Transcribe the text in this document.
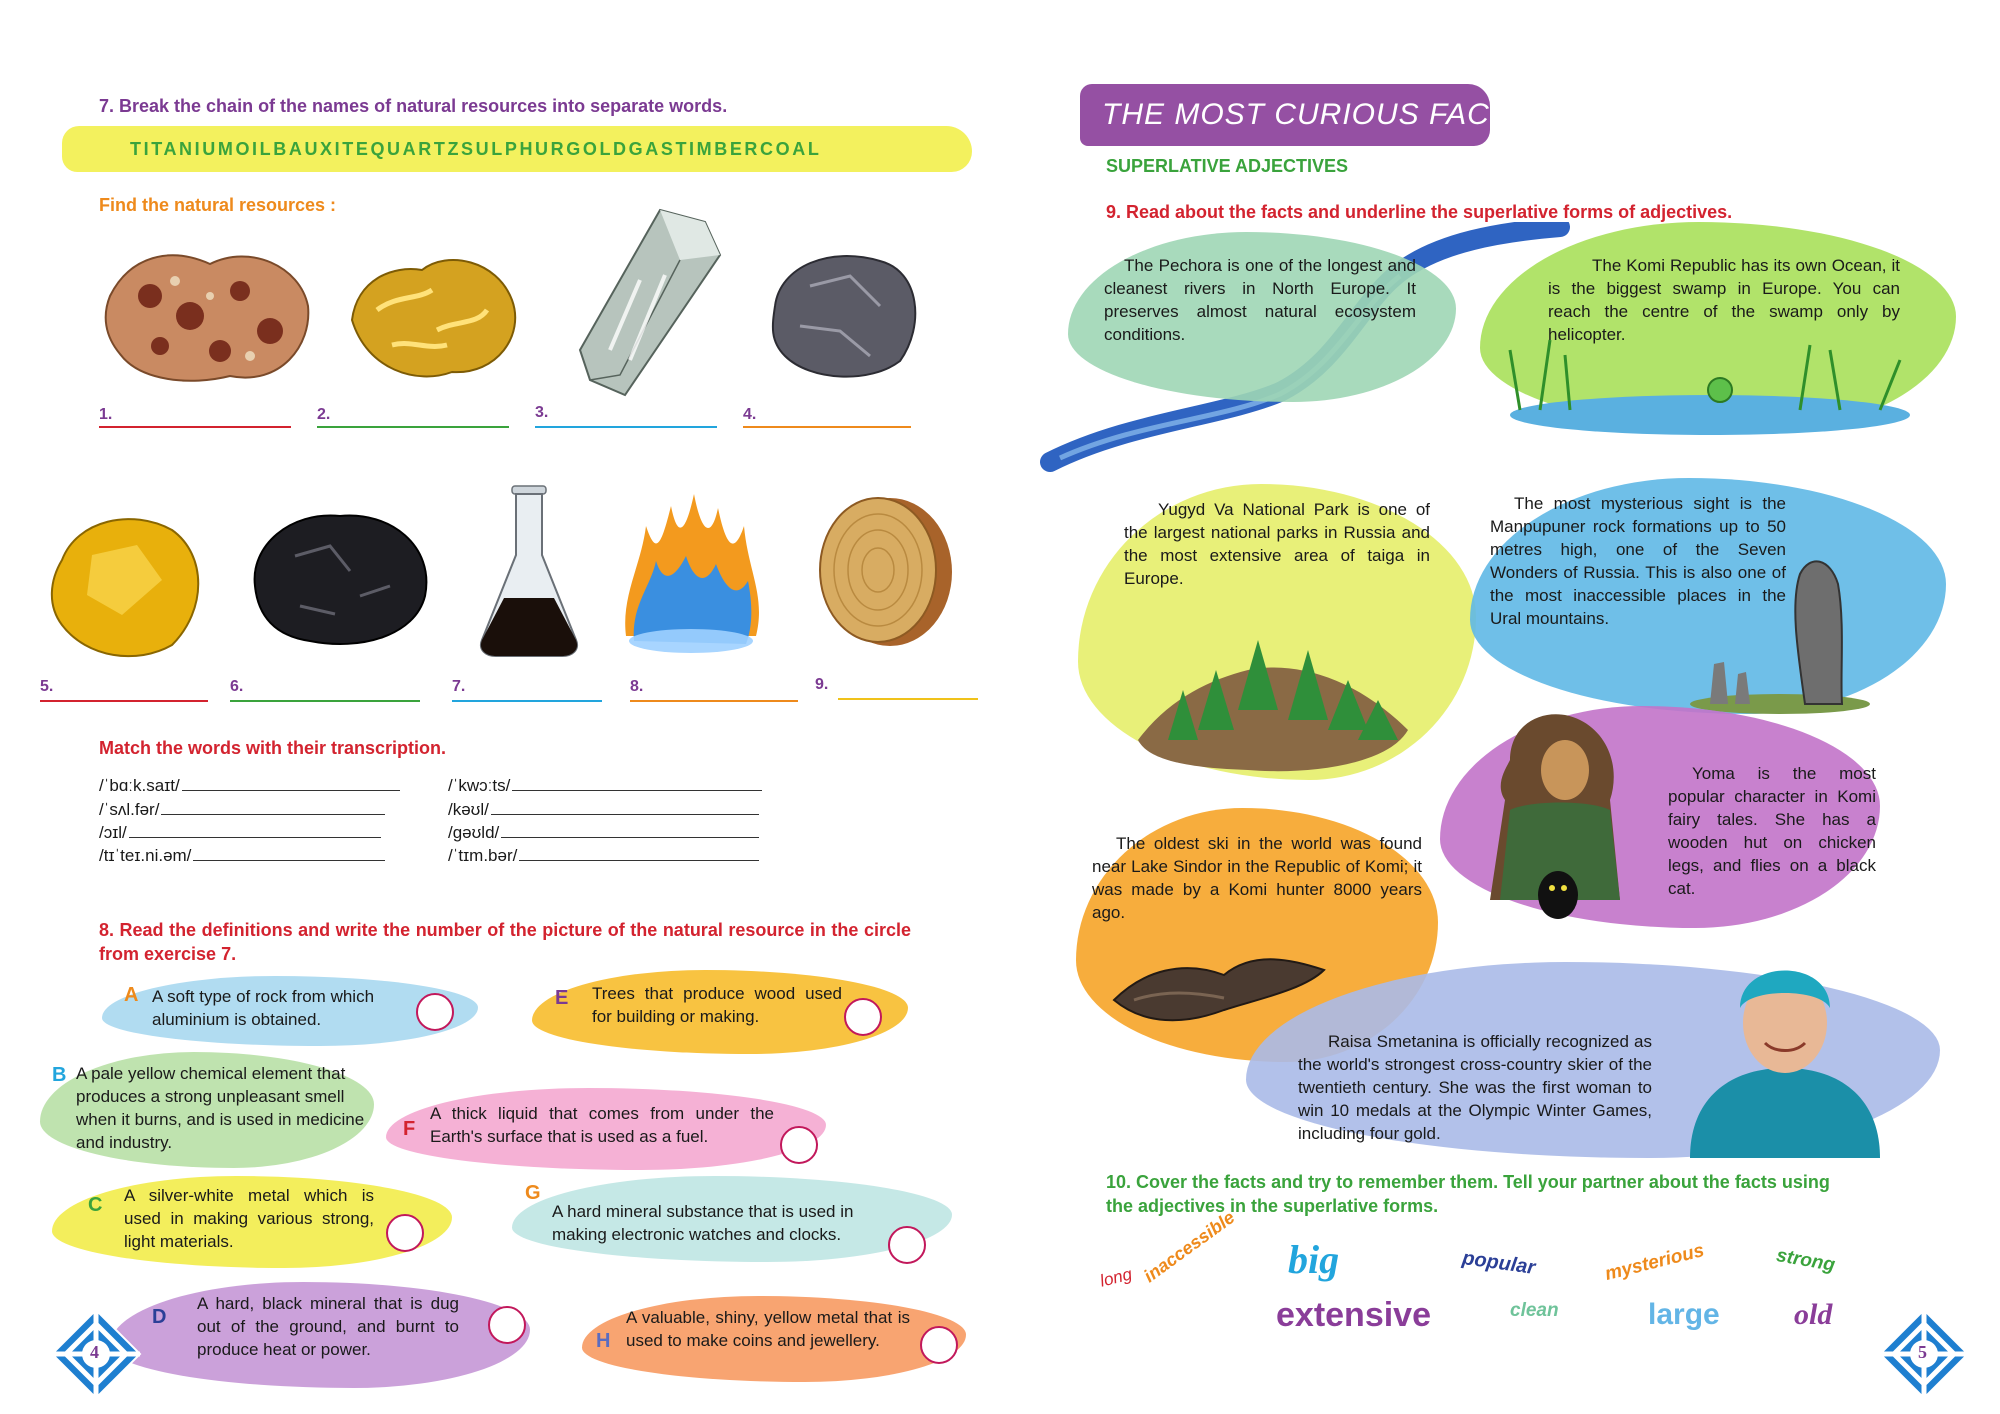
7. Break the chain of the names of natural resources into separate words.
TITANIUMOILBAUXITEQUARTZSULPHURGOLDGASTIMBERCOAL
Find the natural resources :
1.	2.	3.	4.
5.	6.	7.	8.	9.
Match the words with their transcription.
/ˈbɑːk.saɪt/
/ˈsʌl.fər/
/ɔɪl/
/tɪˈteɪ.ni.əm/
/ˈkwɔːts/
/kəʊl/
/gəʊld/
/ˈtɪm.bər/
8. Read the definitions and write the number of the picture of the natural resource in the circle from exercise 7.
A A soft type of rock from which aluminium is obtained.
E Trees that produce wood used for building or making.
B A pale yellow chemical element that produces a strong unpleasant smell when it burns, and is used in medicine and industry.
F
A thick liquid that comes from under the Earth's surface that is used as a fuel.
C A silver-white metal which is used in making various strong, light materials.
G
A hard mineral substance that is used in making electronic watches and clocks.
D
A hard, black mineral that is dug out of the ground, and burnt to produce heat or power.	H
A valuable, shiny, yellow metal that is used to make coins and jewellery.
4
THE MOST CURIOUS FACTS
SUPERLATIVE ADJECTIVES
9. Read about the facts and underline the superlative forms of adjectives.
The Pechora is one of the longest and cleanest rivers in North Europe. It preserves almost natural ecosystem conditions.
The Komi Republic has its own Ocean, it is the biggest swamp in Europe. You can reach the centre of the swamp only by helicopter.
Yugyd Va National Park is one of the largest national parks in Russia and the most extensive area of taiga in Europe.
The most mysterious sight is the Manpupuner rock formations up to 50 metres high, one of the Seven Wonders of Russia. This is also one of the most inaccessible places in the Ural mountains.
Yoma is the most popular character in Komi fairy tales. She has a wooden hut on chicken legs, and flies on a black cat.
The oldest ski in the world was found near Lake Sindor in the Republic of Komi; it was made by a Komi hunter 8000 years ago.
Raisa Smetanina is officially recognized as the world's strongest cross-country skier of the twentieth century. She was the first woman to win 10 medals at the Olympic Winter Games, including four gold.
10. Cover the facts and try to remember them. Tell your partner about the facts using the adjectives in the superlative forms.
long inaccessible big
extensive
popular
clean
mysterious
large
strong
old
5
